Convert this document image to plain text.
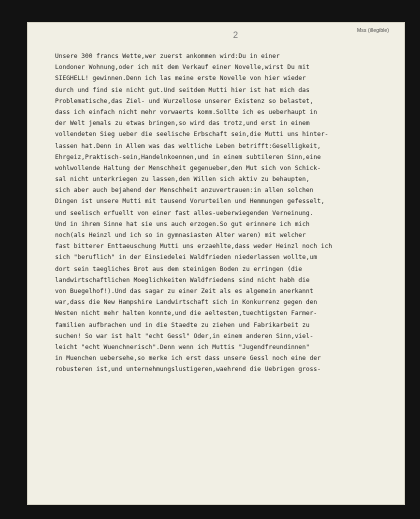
Mss (illegible)
2
Unsere 300 francs Wette,wer zuerst ankommen wird:Du in einer
Londoner Wohnung,oder ich mit dem Verkauf einer Novelle,wirst Du mit
SIEGHELL! gewinnen.Denn ich las meine erste Novelle von hier wieder
durch und find sie nicht gut.Und seitdem Mutti hier ist hat mich das
Problematische,das Ziel- und Wurzellose unserer Existenz so belastet,
dass ich einfach nicht mehr vorwaerts komm.Sollte ich es ueberhaupt in
der Welt jemals zu etwas bringen,so wird das trotz,und erst in einem
vollendeten Sieg ueber die seelische Erbschaft sein,die Mutti uns hinter-
lassen hat.Denn in Allem was das weltliche Leben betrifft:Geselligkeit,
Ehrgeiz,Praktisch-sein,Handelnkoennen,und in einem subtileren Sinn,eine
wohlwollende Haltung der Menschheit gegenueber,den Mut sich von Schick-
sal nicht unterkriegen zu lassen,den Willen sich aktiv zu behaupten,
sich aber auch bejahend der Menschheit anzuvertrauen:in allen solchen
Dingen ist unsere Mutti mit tausend Vorurteilen und Hemmungen gefesselt,
und seelisch erfuellt von einer fast alles-ueberwiegenden Verneinung.
Und in ihrem Sinne hat sie uns auch erzogen.So gut erinnere ich mich
noch(als Heinzl und ich so in gymnasiasten Alter waren) mit welcher
fast bitterer Enttaeuschung Mutti uns erzaehlte,dass weder Heinzl noch ich
sich "beruflich" in der Einsiedelei Waldfrieden niederlassen wollte,um
dort sein taegliches Brot aus dem steinigen Boden zu erringen (die
landwirtschaftlichen Moeglichkeiten Waldfriedens sind nicht habh die
von Buegelhof!).Und das sagar zu einer Zeit als es algemein anerkannt
war,dass die New Hampshire Landwirtschaft sich in Konkurrenz gegen den
Westen nicht mehr halten konnte,und die aeltesten,tuechtigsten Farmer-
familien aufbrachen und in die Staedte zu ziehen und Fabrikarbeit zu
suchen! So war ist halt "echt Gessl" Oder,in einem anderen Sinn,viel-
leicht "echt Wuenchnerisch".Denn wenn ich Muttis "Jugendfreundinnen"
in Muenchen uebersehe,so merke ich erst dass unsere Gessl noch eine der
robusteren ist,und unternehmungslustigeren,waehrend die Uebrigen gross-
